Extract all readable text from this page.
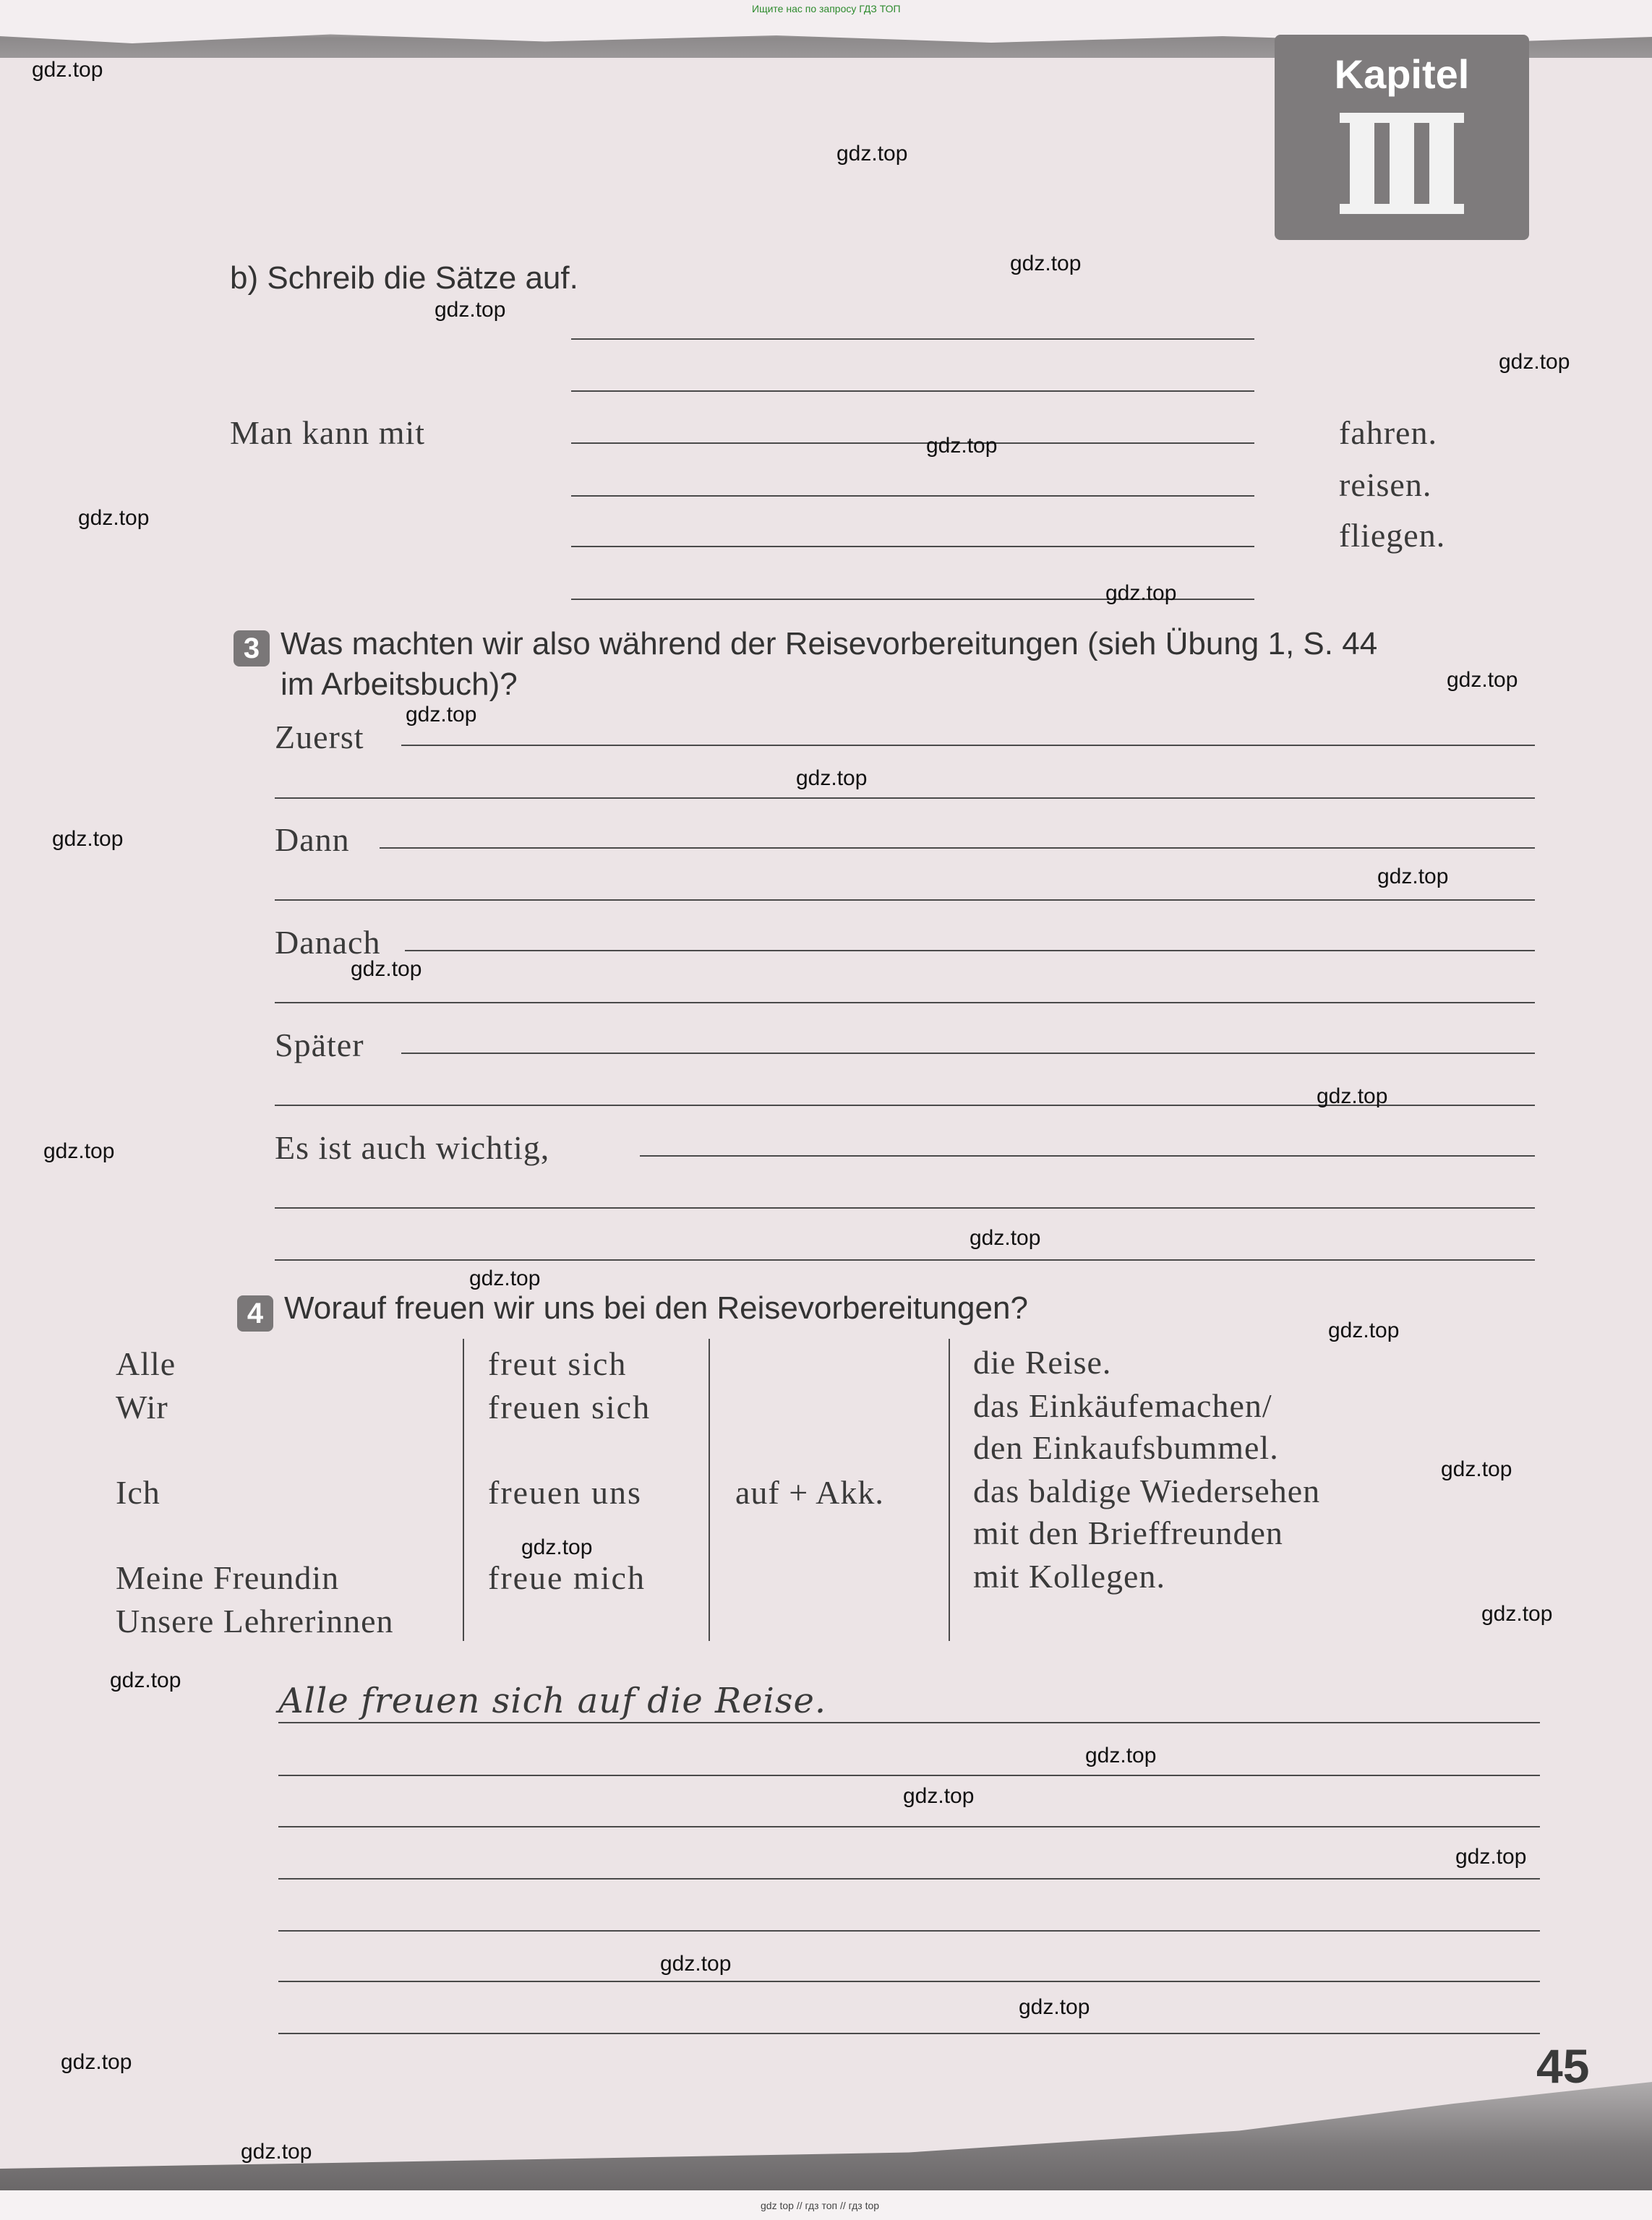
Ищите нас по запросу ГДЗ ТОП
Kapitel
b) Schreib die Sätze auf.
Man kann mit	fahren.
reisen.
fliegen.
3 Was machten wir also während der Reisevorbereitungen (sieh Übung 1, S. 44
im Arbeitsbuch)?
Zuerst
Dann
Danach
Später
Es ist auch wichtig,
4 Worauf freuen wir uns bei den Reisevorbereitungen?
Alle
Wir
Ich
Meine Freundin
Unsere Lehrerinnen
freut sich
freuen sich
freuen uns
freue mich
auf + Akk.
die Reise.
das Einkäufemachen/
den Einkaufsbummel.
das baldige Wiedersehen
mit den Brieffreunden
mit Kollegen.
Alle freuen sich auf die Reise.
45
gdz top // гдз топ // гдз top
gdz.top
gdz.top
gdz.top
gdz.top
gdz.top
gdz.top
gdz.top
gdz.top
gdz.top
gdz.top
gdz.top
gdz.top
gdz.top
gdz.top
gdz.top
gdz.top
gdz.top
gdz.top
gdz.top
gdz.top
gdz.top
gdz.top
gdz.top
gdz.top
gdz.top
gdz.top
gdz.top
gdz.top
gdz.top
gdz.top
